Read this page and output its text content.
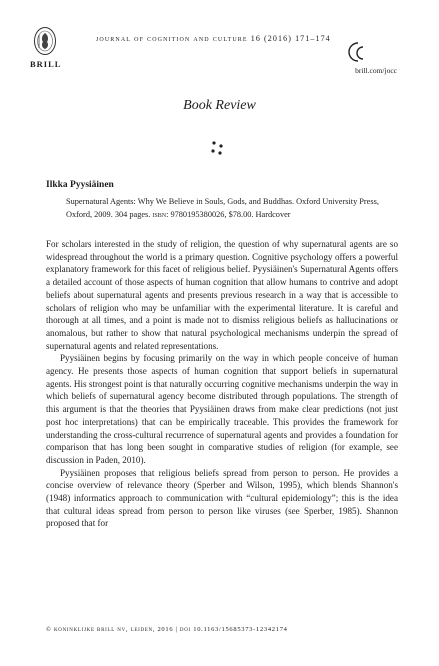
BRILL
journal of cognition and culture 16 (2016) 171–174
brill.com/jocc
Book Review
Ilkka Pyysiäinen
Supernatural Agents: Why We Believe in Souls, Gods, and Buddhas. Oxford University Press, Oxford, 2009. 304 pages. isbn: 9780195380026, $78.00. Hardcover

For scholars interested in the study of religion, the question of why supernatural agents are so widespread throughout the world is a primary question. Cognitive psychology offers a powerful explanatory framework for this facet of religious belief. Pyysiäinen's Supernatural Agents offers a detailed account of those aspects of human cognition that allow humans to contrive and adopt beliefs about supernatural agents and presents previous research in a way that is accessible to scholars of religion who may be unfamiliar with the experimental literature. It is careful and thorough at all times, and a point is made not to dismiss religious beliefs as hallucinations or anomalous, but rather to show that natural psychological mechanisms underpin the spread of supernatural agents and related representations.

Pyysiäinen begins by focusing primarily on the way in which people conceive of human agency. He presents those aspects of human cognition that support beliefs in supernatural agents. His strongest point is that naturally occurring cognitive mechanisms underpin the way in which beliefs of supernatural agency become distributed through populations. The strength of this argument is that the theories that Pyysiäinen draws from make clear predictions (not just post hoc interpretations) that can be empirically traceable. This provides the framework for understanding the cross-cultural recurrence of supernatural agents and provides a foundation for comparison that has long been sought in comparative studies of religion (for example, see discussion in Paden, 2010).

Pyysiäinen proposes that religious beliefs spread from person to person. He provides a concise overview of relevance theory (Sperber and Wilson, 1995), which blends Shannon's (1948) informatics approach to communication with “cultural epidemiology”; this is the idea that cultural ideas spread from person to person like viruses (see Sperber, 1985). Shannon proposed that for

© koninklijke brill nv, leiden, 2016 | doi 10.1163/15685373-12342174
